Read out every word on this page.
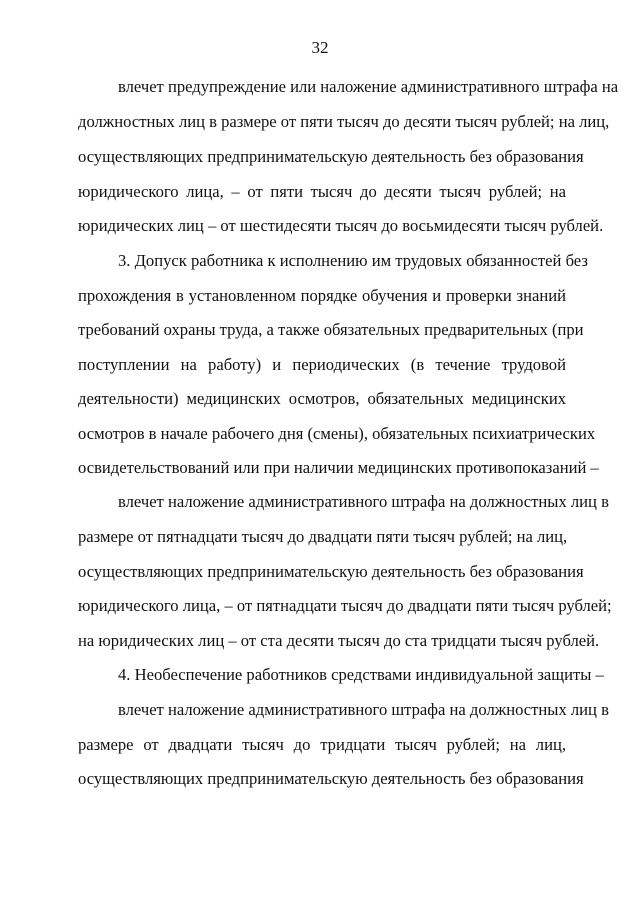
32
влечет предупреждение или наложение административного штрафа на
должностных лиц в размере от пяти тысяч до десяти тысяч рублей; на лиц,
осуществляющих предпринимательскую деятельность без образования
юридического лица, – от пяти тысяч до десяти тысяч рублей; на
юридических лиц – от шестидесяти тысяч до восьмидесяти тысяч рублей.
3. Допуск работника к исполнению им трудовых обязанностей без
прохождения в установленном порядке обучения и проверки знаний
требований охраны труда, а также обязательных предварительных (при
поступлении на работу) и периодических (в течение трудовой
деятельности) медицинских осмотров, обязательных медицинских
осмотров в начале рабочего дня (смены), обязательных психиатрических
освидетельствований или при наличии медицинских противопоказаний –
влечет наложение административного штрафа на должностных лиц в
размере от пятнадцати тысяч до двадцати пяти тысяч рублей; на лиц,
осуществляющих предпринимательскую деятельность без образования
юридического лица, – от пятнадцати тысяч до двадцати пяти тысяч рублей;
на юридических лиц – от ста десяти тысяч до ста тридцати тысяч рублей.
4. Необеспечение работников средствами индивидуальной защиты –
влечет наложение административного штрафа на должностных лиц в
размере от двадцати тысяч до тридцати тысяч рублей; на лиц,
осуществляющих предпринимательскую деятельность без образования
